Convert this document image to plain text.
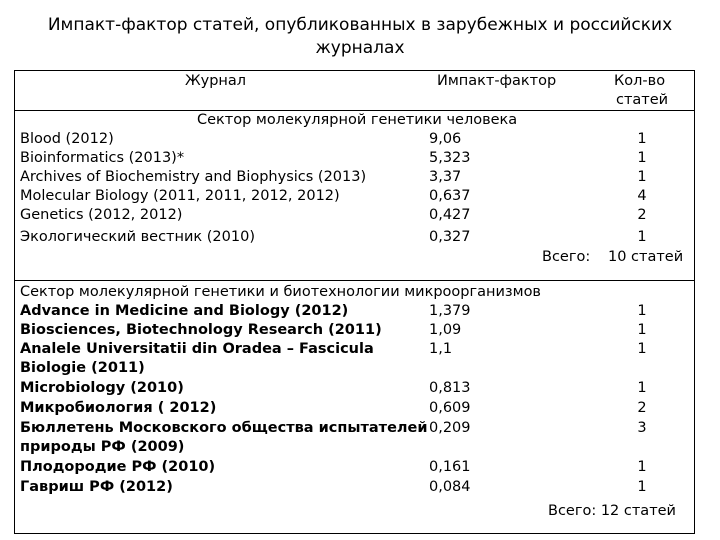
Импакт-фактор статей, опубликованных в зарубежных и российских
журналах
Журнал	Импакт-фактор	Кол-во
статей
Сектор молекулярной генетики человека
Blood (2012)	9,06	1
Bioinformatics (2013)*	5,323	1
Archives of Biochemistry and Biophysics (2013)	3,37	1
Molecular Biology (2011, 2011, 2012, 2012)	0,637	4
Genetics (2012, 2012)	0,427	2
Экологический вестник (2010)	0,327	1
Всего: 10 статей
Сектор молекулярной генетики и биотехнологии микроорганизмов
Advance in Medicine and Biology (2012)	1,379	1
Biosciences, Biotechnology Research (2011)	1,09	1
Analele Universitatii din Oradea – Fascicula
Biologie (2011)
1,1	1
Microbiology (2010)	0,813	1
Микробиология ( 2012)	0,609	2
Бюллетень Московского общества испытателей
природы РФ (2009)
0,209	3
Плодородие РФ (2010)	0,161	1
Гавриш РФ (2012)	0,084	1
Всего: 12 статей
